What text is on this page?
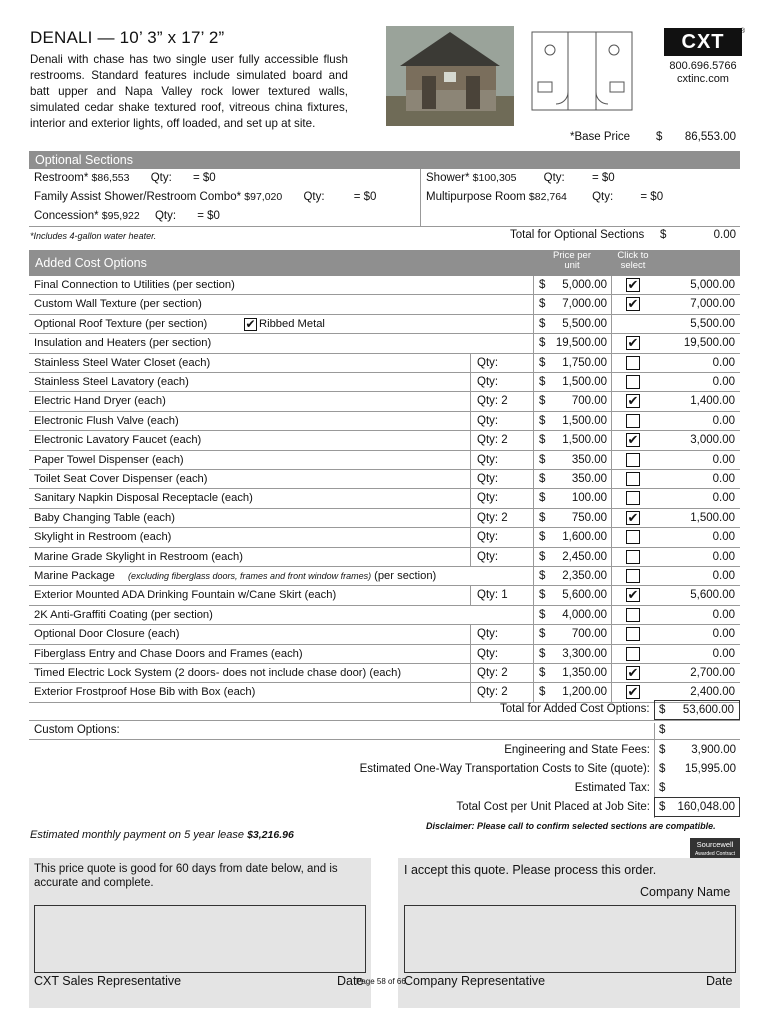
DENALI — 10’ 3” x 17’ 2”
Denali with chase has two single user fully accessible flush restrooms. Standard features include simulated board and batt upper and Napa Valley rock lower textured walls, simulated cedar shake textured roof, vitreous china fixtures, interior and exterior lights, off loaded, and set up at site.
CXT	®
800.696.5766
cxtinc.com
*Base Price $	86,553.00
Optional Sections
Restroom* $86,553 Qty: = $0
Family Assist Shower/Restroom Combo* $97,020 Qty:	= $0
Concession* $95,922 Qty: = $0
Shower* $100,305 Qty: = $0
Multipurpose Room $82,764 Qty: = $0
*Includes 4-gallon water heater.	Total for Optional Sections $	0.00
Added Cost Options
Price per
unit
Click to
select
Final Connection to Utilities (per section)	$ 5,000.00 ✔	5,000.00
Custom Wall Texture (per section)	$ 7,000.00 ✔	7,000.00
Optional Roof Texture (per section)	✔ Ribbed Metal	$ 5,500.00	5,500.00
Insulation and Heaters (per section)	$ 19,500.00 ✔	19,500.00
Stainless Steel Water Closet (each)	Qty:	$ 1,750.00	0.00
Stainless Steel Lavatory (each)	Qty:	$ 1,500.00	0.00
Electric Hand Dryer (each)	Qty: 2	$ 700.00 ✔	1,400.00
Electronic Flush Valve (each)	Qty:	$ 1,500.00	0.00
Electronic Lavatory Faucet (each)	Qty: 2	$ 1,500.00 ✔	3,000.00
Paper Towel Dispenser (each)	Qty:	$ 350.00	0.00
Toilet Seat Cover Dispenser (each)	Qty:	$ 350.00	0.00
Sanitary Napkin Disposal Receptacle (each)	Qty:	$ 100.00	0.00
Baby Changing Table (each)	Qty: 2	$ 750.00 ✔	1,500.00
Skylight in Restroom (each)	Qty:	$ 1,600.00	0.00
Marine Grade Skylight in Restroom (each)	Qty:	$ 2,450.00	0.00
Marine Package	(excluding fiberglass doors, frames and front window frames) (per section)	$ 2,350.00	0.00
Exterior Mounted ADA Drinking Fountain w/Cane Skirt (each)	Qty: 1	$ 5,600.00 ✔	5,600.00
2K Anti-Graffiti Coating (per section)	$ 4,000.00	0.00
Optional Door Closure (each)	Qty:	$ 700.00	0.00
Fiberglass Entry and Chase Doors and Frames (each)	Qty:	$ 3,300.00	0.00
Timed Electric Lock System (2 doors- does not include chase door) (each)	Qty: 2	$ 1,350.00 ✔	2,700.00
Exterior Frostproof Hose Bib with Box (each)	Qty: 2	$ 1,200.00 ✔	2,400.00
Total for Added Cost Options: $ 53,600.00
Custom Options:	$
Engineering and State Fees: $	3,900.00
Estimated One-Way Transportation Costs to Site (quote): $	15,995.00
Estimated Tax: $
Total Cost per Unit Placed at Job Site: $ 160,048.00
Estimated monthly payment on 5 year lease $3,216.96
Disclaimer: Please call to confirm selected sections are compatible.
Sourcewell
Awarded Contract
This price quote is good for 60 days from date below, and is accurate and complete.
I accept this quote. Please process this order.
Company Name
CXT Sales Representative	Date
Page 58 of 66
Company Representative	Date
